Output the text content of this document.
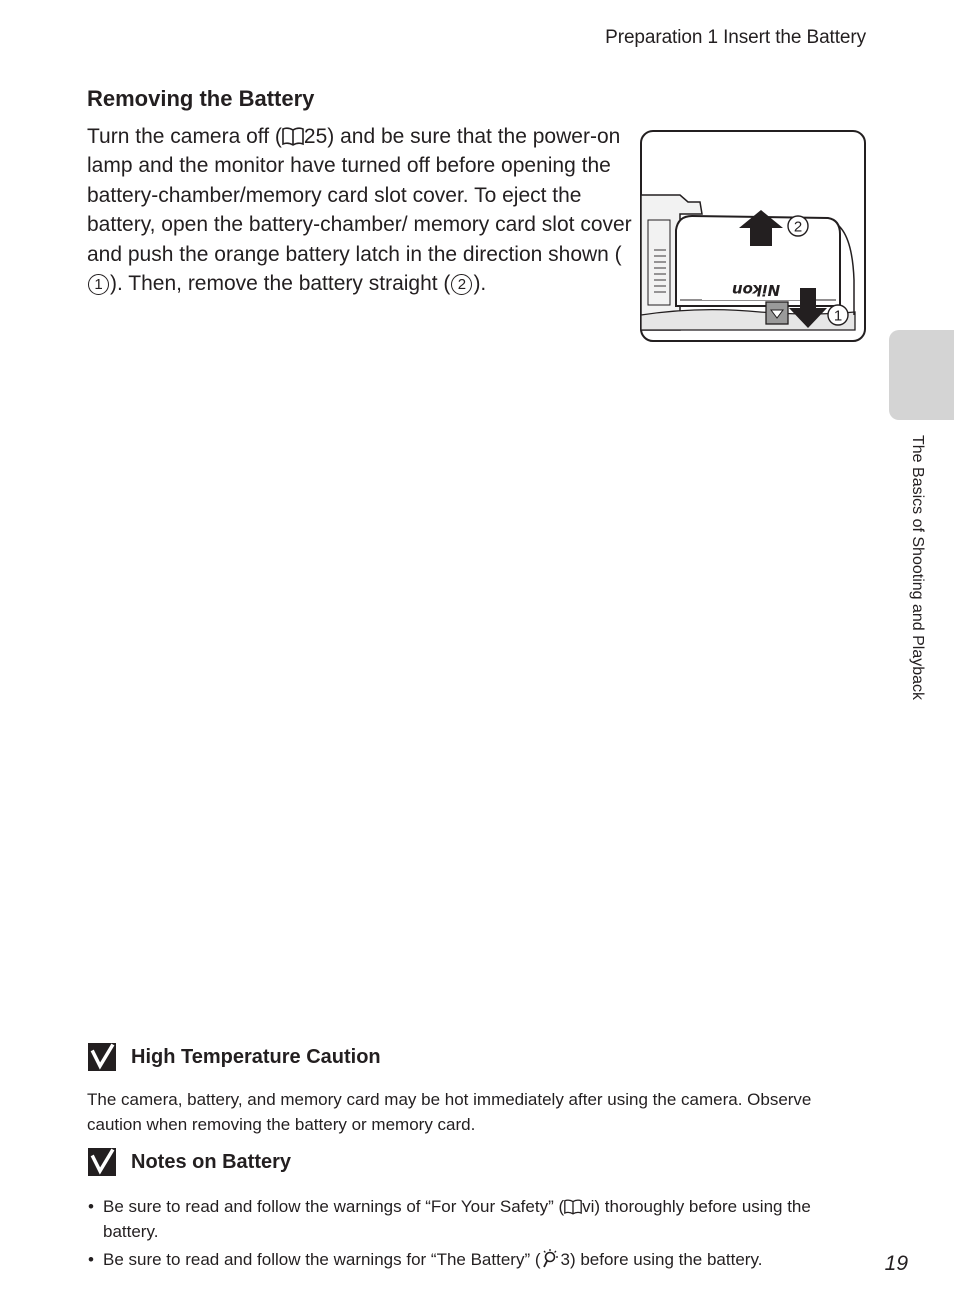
Preparation 1 Insert the Battery
Removing the Battery

Turn the camera off ( 25) and be sure that the power-on lamp and the monitor have turned off before opening the battery-chamber/memory card slot cover. To eject the battery, open the battery-chamber/ memory card slot cover and push the orange battery latch in the direction shown (1 ). Then, remove the battery straight ( 2 ).	Nikon
2
1
The Basics of Shooting and Playback
High Temperature Caution
The camera, battery, and memory card may be hot immediately after using the camera. Observe caution when removing the battery or memory card.
Notes on Battery
• Be sure to read and follow the warnings of “For Your Safety” ( vi) thoroughly before using the battery.
• Be sure to read and follow the warnings for “The Battery” ( 3) before using the battery.	19
